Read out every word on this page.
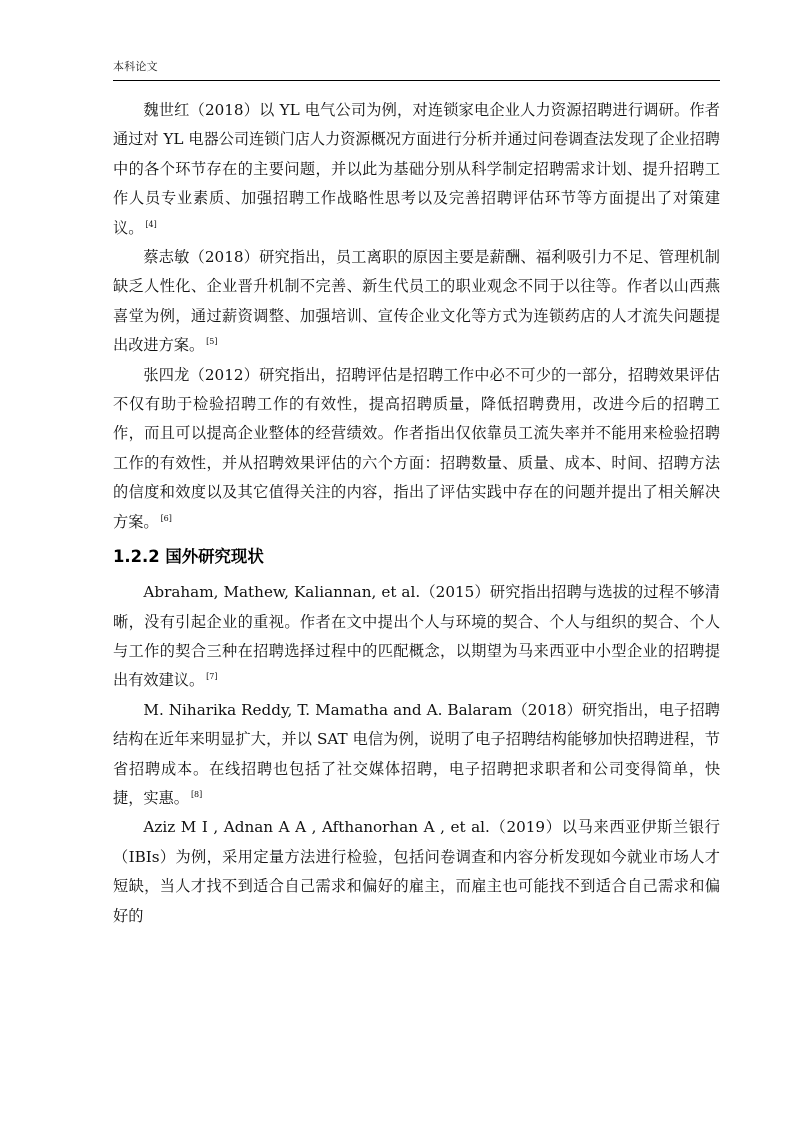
本科论文

魏世红（2018）以 YL 电气公司为例，对连锁家电企业人力资源招聘进行调研。作者通过对 YL 电器公司连锁门店人力资源概况方面进行分析并通过问卷调查法发现了企业招聘中的各个环节存在的主要问题，并以此为基础分别从科学制定招聘需求计划、提升招聘工作人员专业素质、加强招聘工作战略性思考以及完善招聘评估环节等方面提出了对策建议。 [4]

蔡志敏（2018）研究指出，员工离职的原因主要是薪酬、福利吸引力不足、管理机制缺乏人性化、企业晋升机制不完善、新生代员工的职业观念不同于以往等。作者以山西燕喜堂为例，通过薪资调整、加强培训、宣传企业文化等方式为连锁药店的人才流失问题提出改进方案。 [5]

张四龙（2012）研究指出，招聘评估是招聘工作中必不可少的一部分，招聘效果评估不仅有助于检验招聘工作的有效性，提高招聘质量，降低招聘费用，改进今后的招聘工作，而且可以提高企业整体的经营绩效。作者指出仅依靠员工流失率并不能用来检验招聘工作的有效性，并从招聘效果评估的六个方面：招聘数量、质量、成本、时间、招聘方法的信度和效度以及其它值得关注的内容，指出了评估实践中存在的问题并提出了相关解决方案。 [6]

1.2.2 国外研究现状

Abraham, Mathew, Kaliannan, et al.（2015）研究指出招聘与选拔的过程不够清晰，没有引起企业的重视。作者在文中提出个人与环境的契合、个人与组织的契合、个人与工作的契合三种在招聘选择过程中的匹配概念，以期望为马来西亚中小型企业的招聘提出有效建议。 [7]

M. Niharika Reddy, T. Mamatha and A. Balaram（2018）研究指出，电子招聘结构在近年来明显扩大，并以 SAT 电信为例，说明了电子招聘结构能够加快招聘进程，节省招聘成本。在线招聘也包括了社交媒体招聘，电子招聘把求职者和公司变得简单，快捷，实惠。 [8]

Aziz M I , Adnan A A , Afthanorhan A , et al.（2019）以马来西亚伊斯兰银行（IBIs）为例，采用定量方法进行检验，包括问卷调查和内容分析发现如今就业市场人才短缺，当人才找不到适合自己需求和偏好的雇主，而雇主也可能找不到适合自己需求和偏好的
